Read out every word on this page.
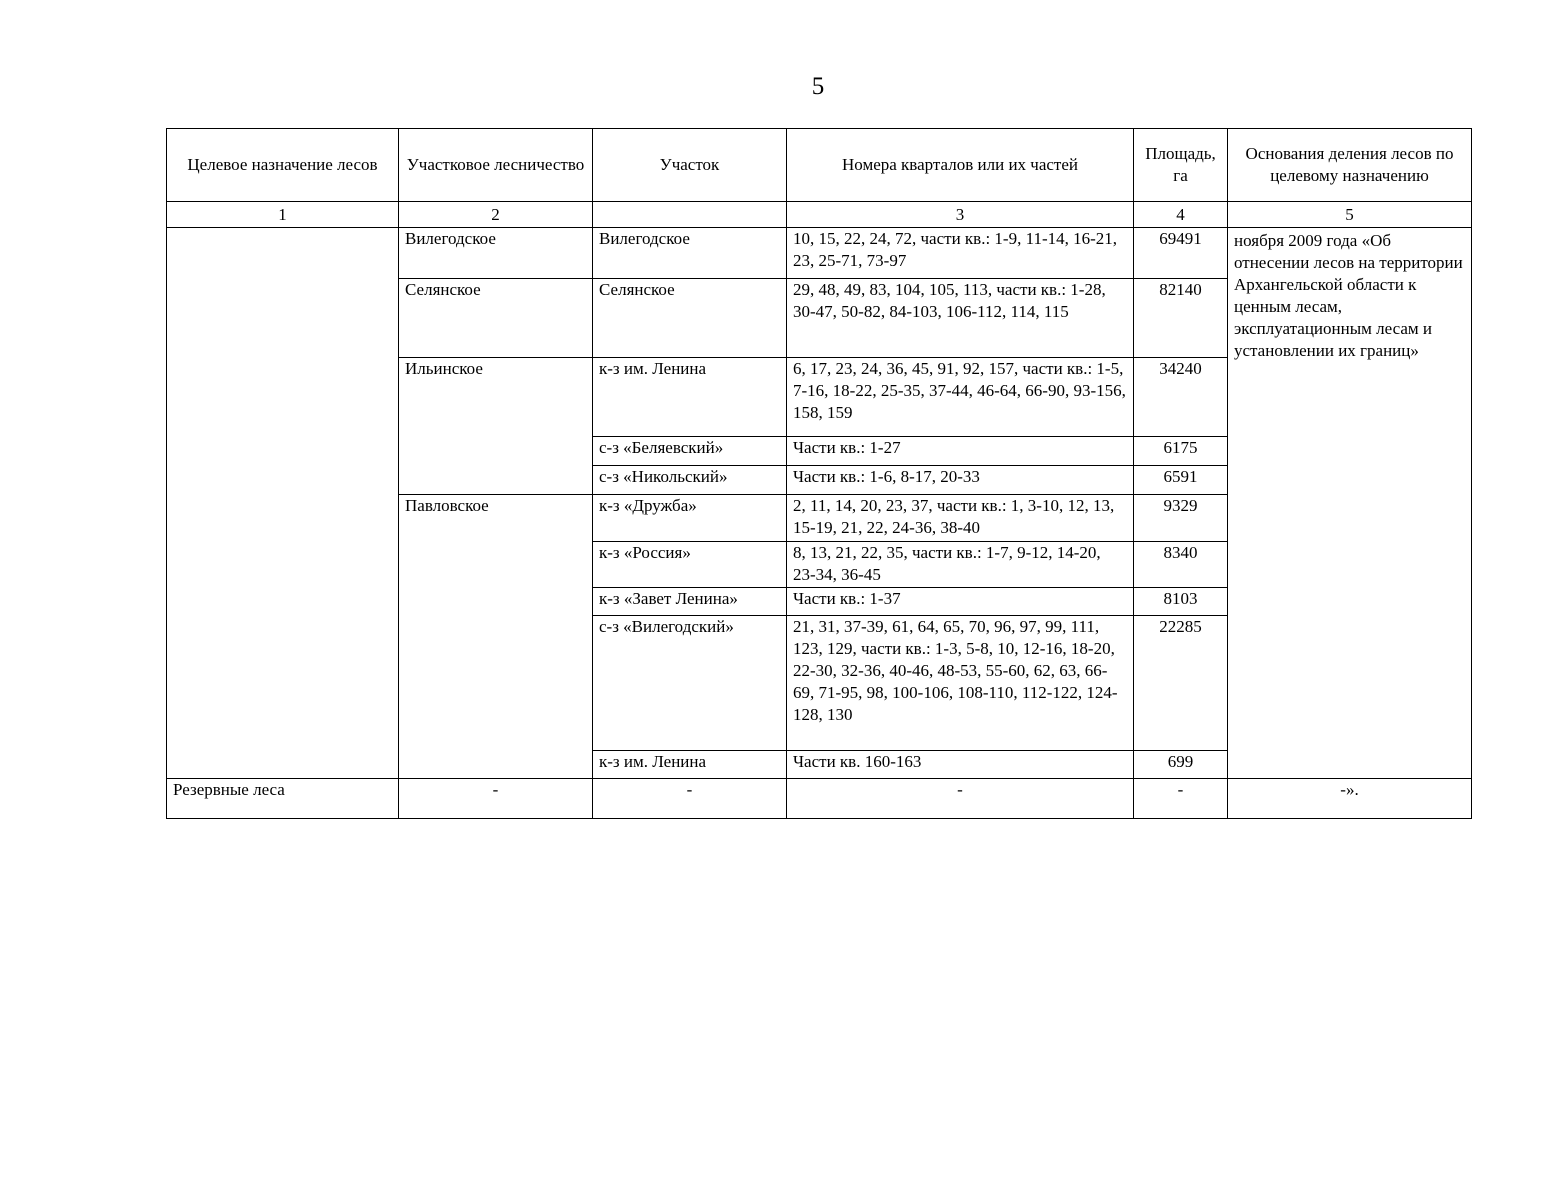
5
Целевое назначение лесов	Участковое лесничество	Участок	Номера кварталов или их частей	Площадь, га	Основания деления лесов по целевому назначению
1	2		3	4	5
	Вилегодское	Вилегодское	10, 15, 22, 24, 72, части кв.: 1-9, 11-14, 16-21, 23, 25-71, 73-97	69491	ноября 2009 года «Об отнесении лесов на территории Архангельской области к ценным лесам, эксплуатационным лесам и установлении их границ»
	Селянское	Селянское	29, 48, 49, 83, 104, 105, 113, части кв.: 1-28, 30-47, 50-82, 84-103, 106-112, 114, 115	82140	
	Ильинское	к-з им. Ленина	6, 17, 23, 24, 36, 45, 91, 92, 157, части кв.: 1-5, 7-16, 18-22, 25-35, 37-44, 46-64, 66-90, 93-156, 158, 159	34240	
		с-з «Беляевский»	Части кв.: 1-27	6175	
		с-з «Никольский»	Части кв.: 1-6, 8-17, 20-33	6591	
	Павловское	к-з «Дружба»	2, 11, 14, 20, 23, 37, части кв.: 1, 3-10, 12, 13, 15-19, 21, 22, 24-36, 38-40	9329	
		к-з «Россия»	8, 13, 21, 22, 35, части кв.: 1-7, 9-12, 14-20, 23-34, 36-45	8340	
		к-з «Завет Ленина»	Части кв.: 1-37	8103	
		с-з «Вилегодский»	21, 31, 37-39, 61, 64, 65, 70, 96, 97, 99, 111, 123, 129, части кв.: 1-3, 5-8, 10, 12-16, 18-20, 22-30, 32-36, 40-46, 48-53, 55-60, 62, 63, 66-69, 71-95, 98, 100-106, 108-110, 112-122, 124-128, 130	22285	
		к-з им. Ленина	Части кв. 160-163	699	
Резервные леса	-	-	-	-	-».
